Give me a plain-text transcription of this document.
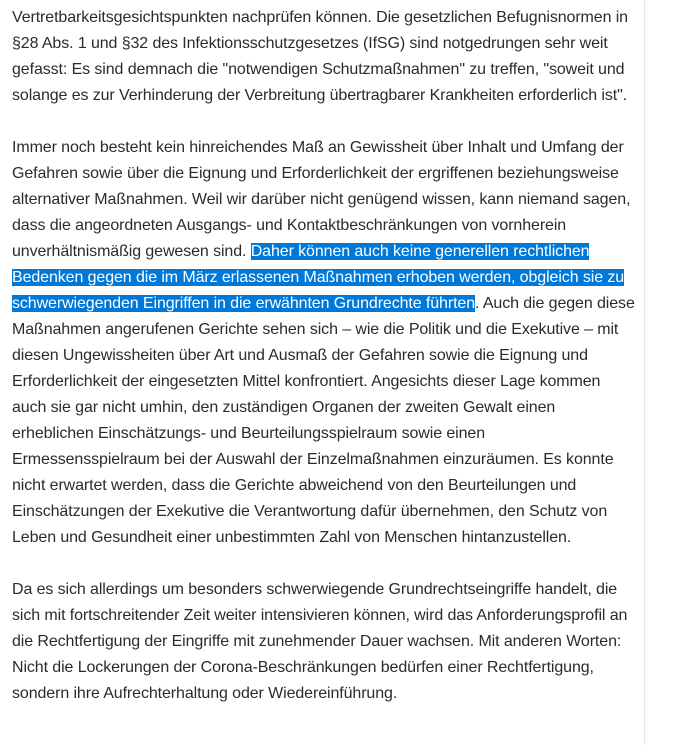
Vertretbarkeitsgesichtspunkten nachprüfen können. Die gesetzlichen Befugnisnormen in §28 Abs. 1 und §32 des Infektionsschutzgesetzes (IfSG) sind notgedrungen sehr weit gefasst: Es sind demnach die "notwendigen Schutzmaßnahmen" zu treffen, "soweit und solange es zur Verhinderung der Verbreitung übertragbarer Krankheiten erforderlich ist".

Immer noch besteht kein hinreichendes Maß an Gewissheit über Inhalt und Umfang der Gefahren sowie über die Eignung und Erforderlichkeit der ergriffenen beziehungsweise alternativer Maßnahmen. Weil wir darüber nicht genügend wissen, kann niemand sagen, dass die angeordneten Ausgangs- und Kontaktbeschränkungen von vornherein unverhältnismäßig gewesen sind. Daher können auch keine generellen rechtlichen Bedenken gegen die im März erlassenen Maßnahmen erhoben werden, obgleich sie zu schwerwiegenden Eingriffen in die erwähnten Grundrechte führten. Auch die gegen diese Maßnahmen angerufenen Gerichte sehen sich – wie die Politik und die Exekutive – mit diesen Ungewissheiten über Art und Ausmaß der Gefahren sowie die Eignung und Erforderlichkeit der eingesetzten Mittel konfrontiert. Angesichts dieser Lage kommen auch sie gar nicht umhin, den zuständigen Organen der zweiten Gewalt einen erheblichen Einschätzungs- und Beurteilungsspielraum sowie einen Ermessensspielraum bei der Auswahl der Einzelmaßnahmen einzuräumen. Es konnte nicht erwartet werden, dass die Gerichte abweichend von den Beurteilungen und Einschätzungen der Exekutive die Verantwortung dafür übernehmen, den Schutz von Leben und Gesundheit einer unbestimmten Zahl von Menschen hintanzustellen.

Da es sich allerdings um besonders schwerwiegende Grundrechtseingriffe handelt, die sich mit fortschreitender Zeit weiter intensivieren können, wird das Anforderungsprofil an die Rechtfertigung der Eingriffe mit zunehmender Dauer wachsen. Mit anderen Worten: Nicht die Lockerungen der Corona-Beschränkungen bedürfen einer Rechtfertigung, sondern ihre Aufrechterhaltung oder Wiedereinführung.
